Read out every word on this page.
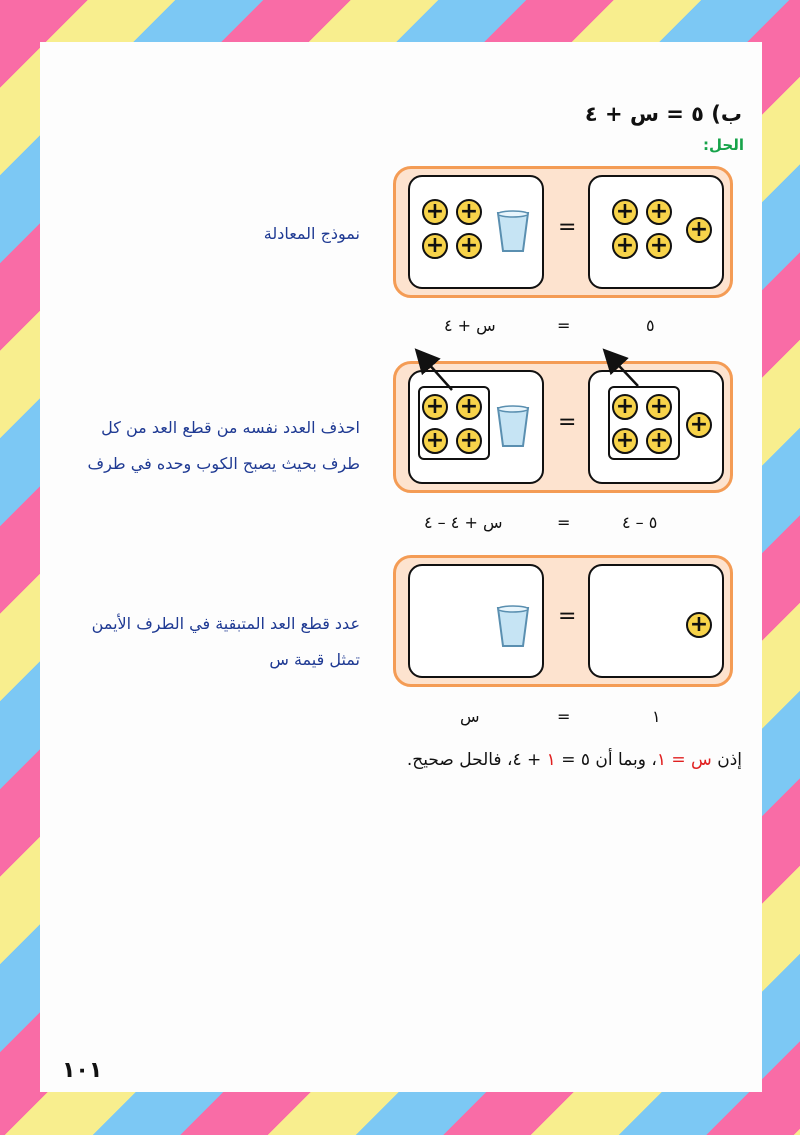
ب) ٥ = س + ٤
الحل:
نموذج المعادلة
+ +
+ +
=
+ +
+ +
+
س + ٤	=	٥
احذف العدد نفسه من قطع العد من كل
طرف بحيث يصبح الكوب وحده في طرف
+ +
+ +
=
+ +
+ +
+
س + ٤ – ٤	=	٥ – ٤
عدد قطع العد المتبقية في الطرف الأيمن
تمثل قيمة س
=	+
س	=	١
إذن س = ١، وبما أن ٥ = ١ + ٤، فالحل صحيح.
١٠١
